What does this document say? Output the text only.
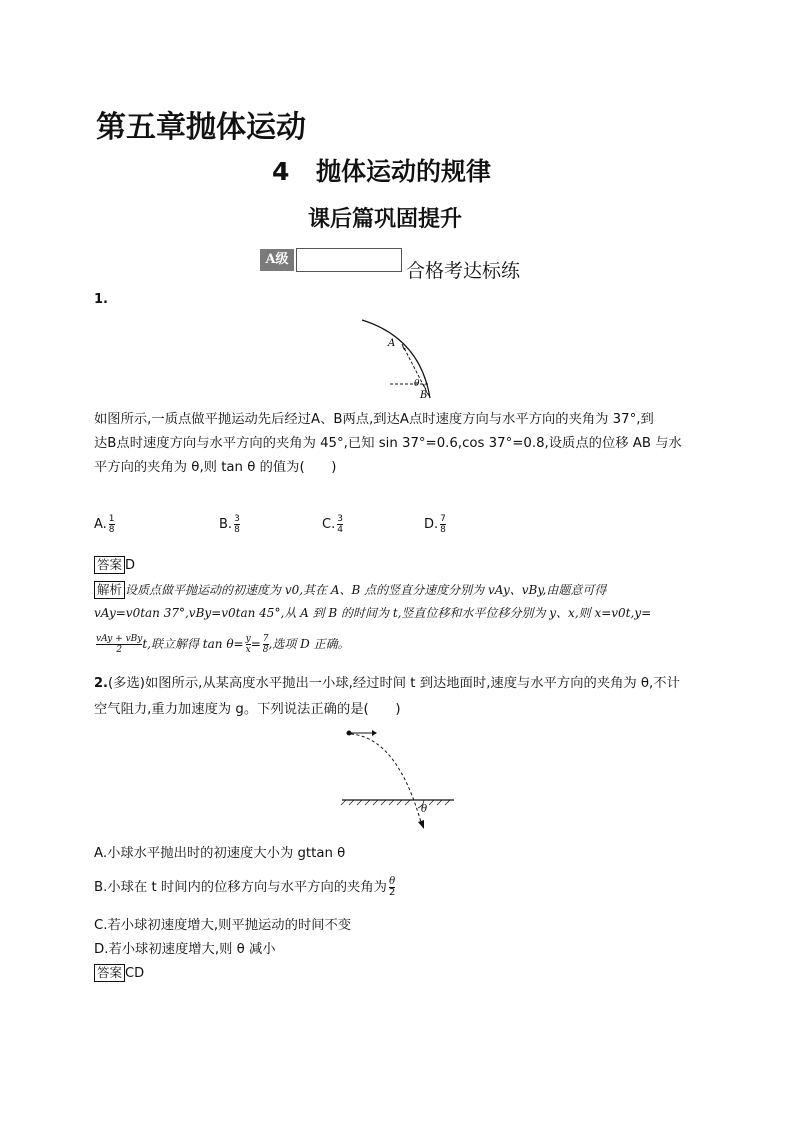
第五章抛体运动
4 抛体运动的规律
课后篇巩固提升
A级
合格考达标练
1.
A
θ
B
如图所示,一质点做平抛运动先后经过A、B两点,到达A点时速度方向与水平方向的夹角为 37°,到
达B点时速度方向与水平方向的夹角为 45°,已知 sin 37°=0.6,cos 37°=0.8,设质点的位移 AB 与水
平方向的夹角为 θ,则 tan θ 的值为(　　)
A. $\frac{1}{8}$	B. $\frac{3}{8}$	C. $\frac{3}{4}$	D. $\frac{7}{8}$
答案 D
解析 设质点做平抛运动的初速度为 v0,其在 A、B 点的竖直分速度分别为 vAy、vBy,由题意可得
vAy=v0tan 37°,vBy=v0tan 45°,从 A 到 B 的时间为 t,竖直位移和水平位移分别为 y、x,则 x=v0t,y=
$\frac{\text{vAy + vBy}}{2} t$,联立解得 $\tan \theta= \frac{y}{x} = \frac{7}{8}$ ,选项 D 正确。
2.(多选)如图所示,从某高度水平抛出一小球,经过时间 t 到达地面时,速度与水平方向的夹角为 θ,不计
空气阻力,重力加速度为 g。下列说法正确的是(　　)
θ
A.小球水平抛出时的初速度大小为 gttan θ
B.小球在 t 时间内的位移方向与水平方向的夹角为 $\frac{\theta}{2}$
C.若小球初速度增大,则平抛运动的时间不变
D.若小球初速度增大,则 θ 减小
答案 CD
